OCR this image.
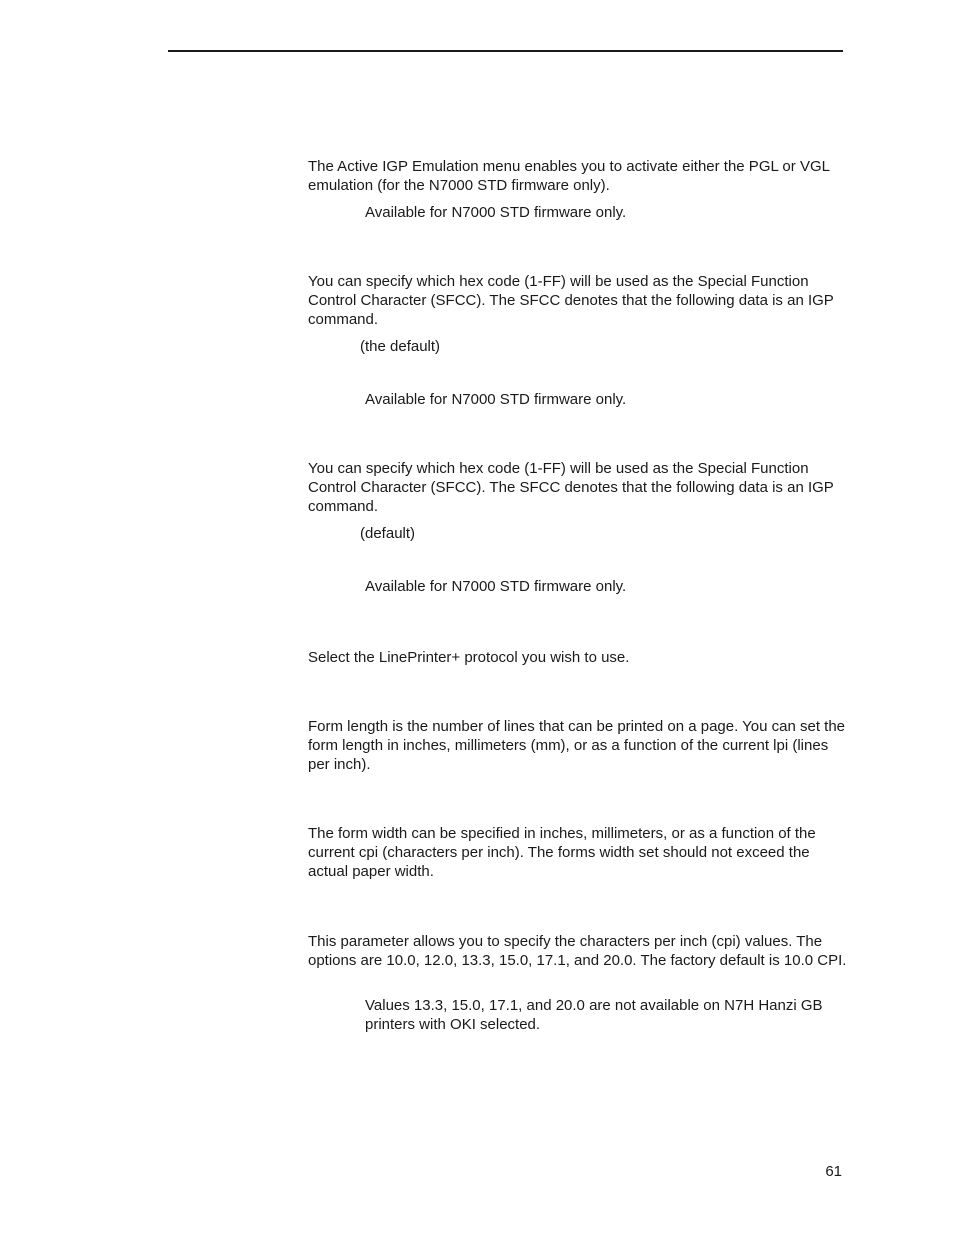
The Active IGP Emulation menu enables you to activate either the PGL or VGL emulation (for the N7000 STD firmware only).

Available for N7000 STD firmware only.

You can specify which hex code (1-FF) will be used as the Special Function Control Character (SFCC). The SFCC denotes that the following data is an IGP command.

(the default)

Available for N7000 STD firmware only.

You can specify which hex code (1-FF) will be used as the Special Function Control Character (SFCC). The SFCC denotes that the following data is an IGP command.

(default)

Available for N7000 STD firmware only.

Select the LinePrinter+ protocol you wish to use.

Form length is the number of lines that can be printed on a page. You can set the form length in inches, millimeters (mm), or as a function of the current lpi (lines per inch).

The form width can be specified in inches, millimeters, or as a function of the current cpi (characters per inch). The forms width set should not exceed the actual paper width.

This parameter allows you to specify the characters per inch (cpi) values. The options are 10.0, 12.0, 13.3, 15.0, 17.1, and 20.0. The factory default is 10.0 CPI.

Values 13.3, 15.0, 17.1, and 20.0 are not available on N7H Hanzi GB printers with OKI selected.

61
